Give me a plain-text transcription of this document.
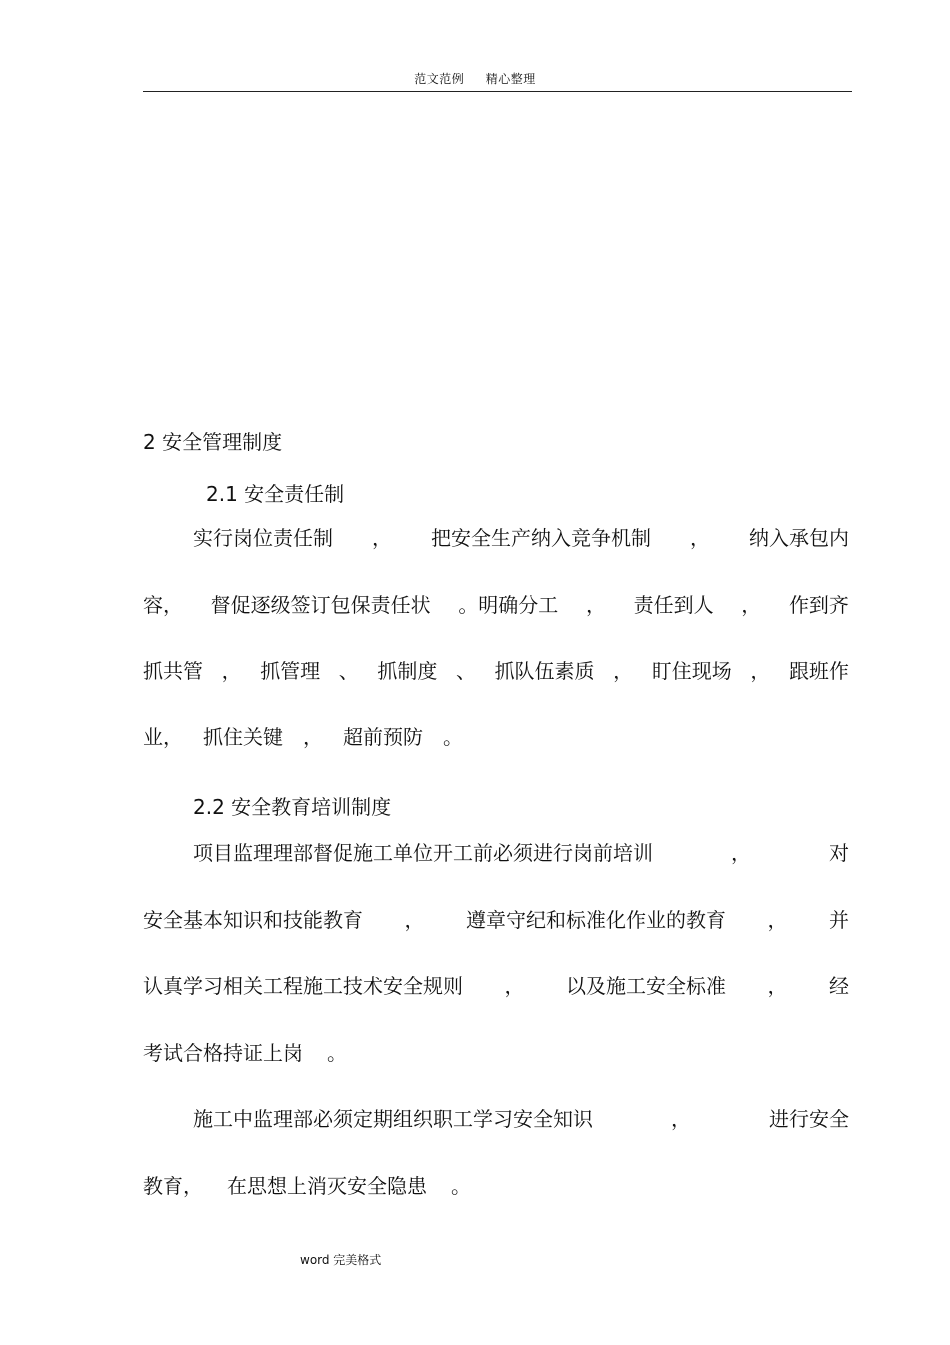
范文范例     精心整理
2 安全管理制度
2.1 安全责任制
实行岗位责任制 ， 把安全生产纳入竞争机制 ， 纳入承包内
容， 督促逐级签订包保责任状 。明确分工 ， 责任到人 ， 作到齐
抓共管 ， 抓管理 、 抓制度 、 抓队伍素质 ， 盯住现场 ， 跟班作
业， 抓住关键 ， 超前预防 。
2.2 安全教育培训制度
项目监理理部督促施工单位开工前必须进行岗前培训	，	对
安全基本知识和技能教育 ， 遵章守纪和标准化作业的教育 ， 并
认真学习相关工程施工技术安全规则 ， 以及施工安全标准 ， 经
考试合格持证上岗 。
施工中监理部必须定期组织职工学习安全知识	，	进行安全
教育， 在思想上消灭安全隐患 。
word 完美格式
